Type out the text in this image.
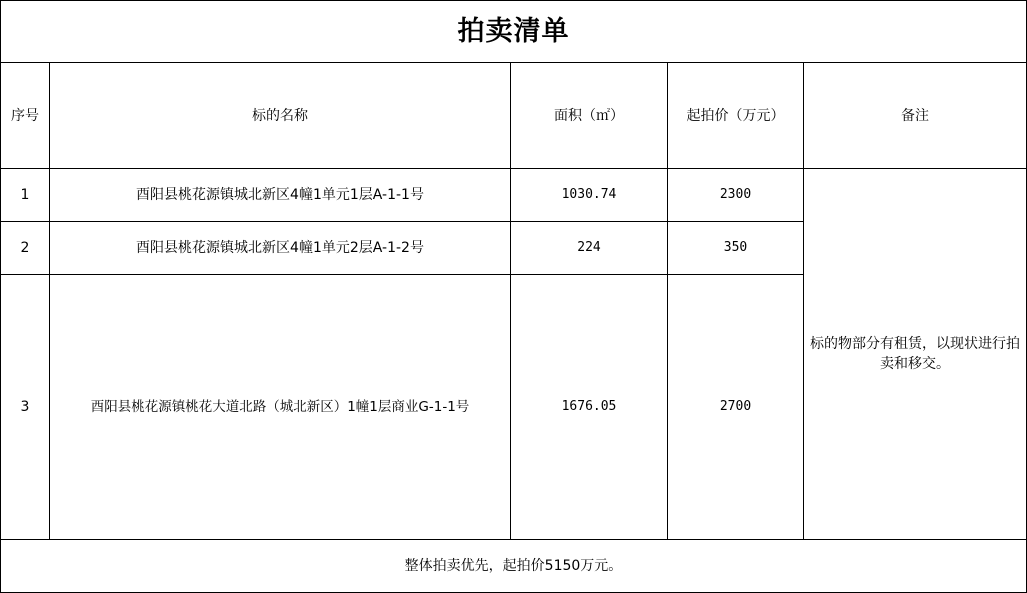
拍卖清单
序号	标的名称	面积（㎡）	起拍价（万元）	备注
1	酉阳县桃花源镇城北新区4幢1单元1层A-1-1号	1030.74	2300
2	酉阳县桃花源镇城北新区4幢1单元2层A-1-2号	224	350
3	酉阳县桃花源镇桃花大道北路（城北新区）1幢1层商业G-1-1号	1676.05	2700
标的物部分有租赁，以现状进行拍卖和移交。
整体拍卖优先，起拍价5150万元。
